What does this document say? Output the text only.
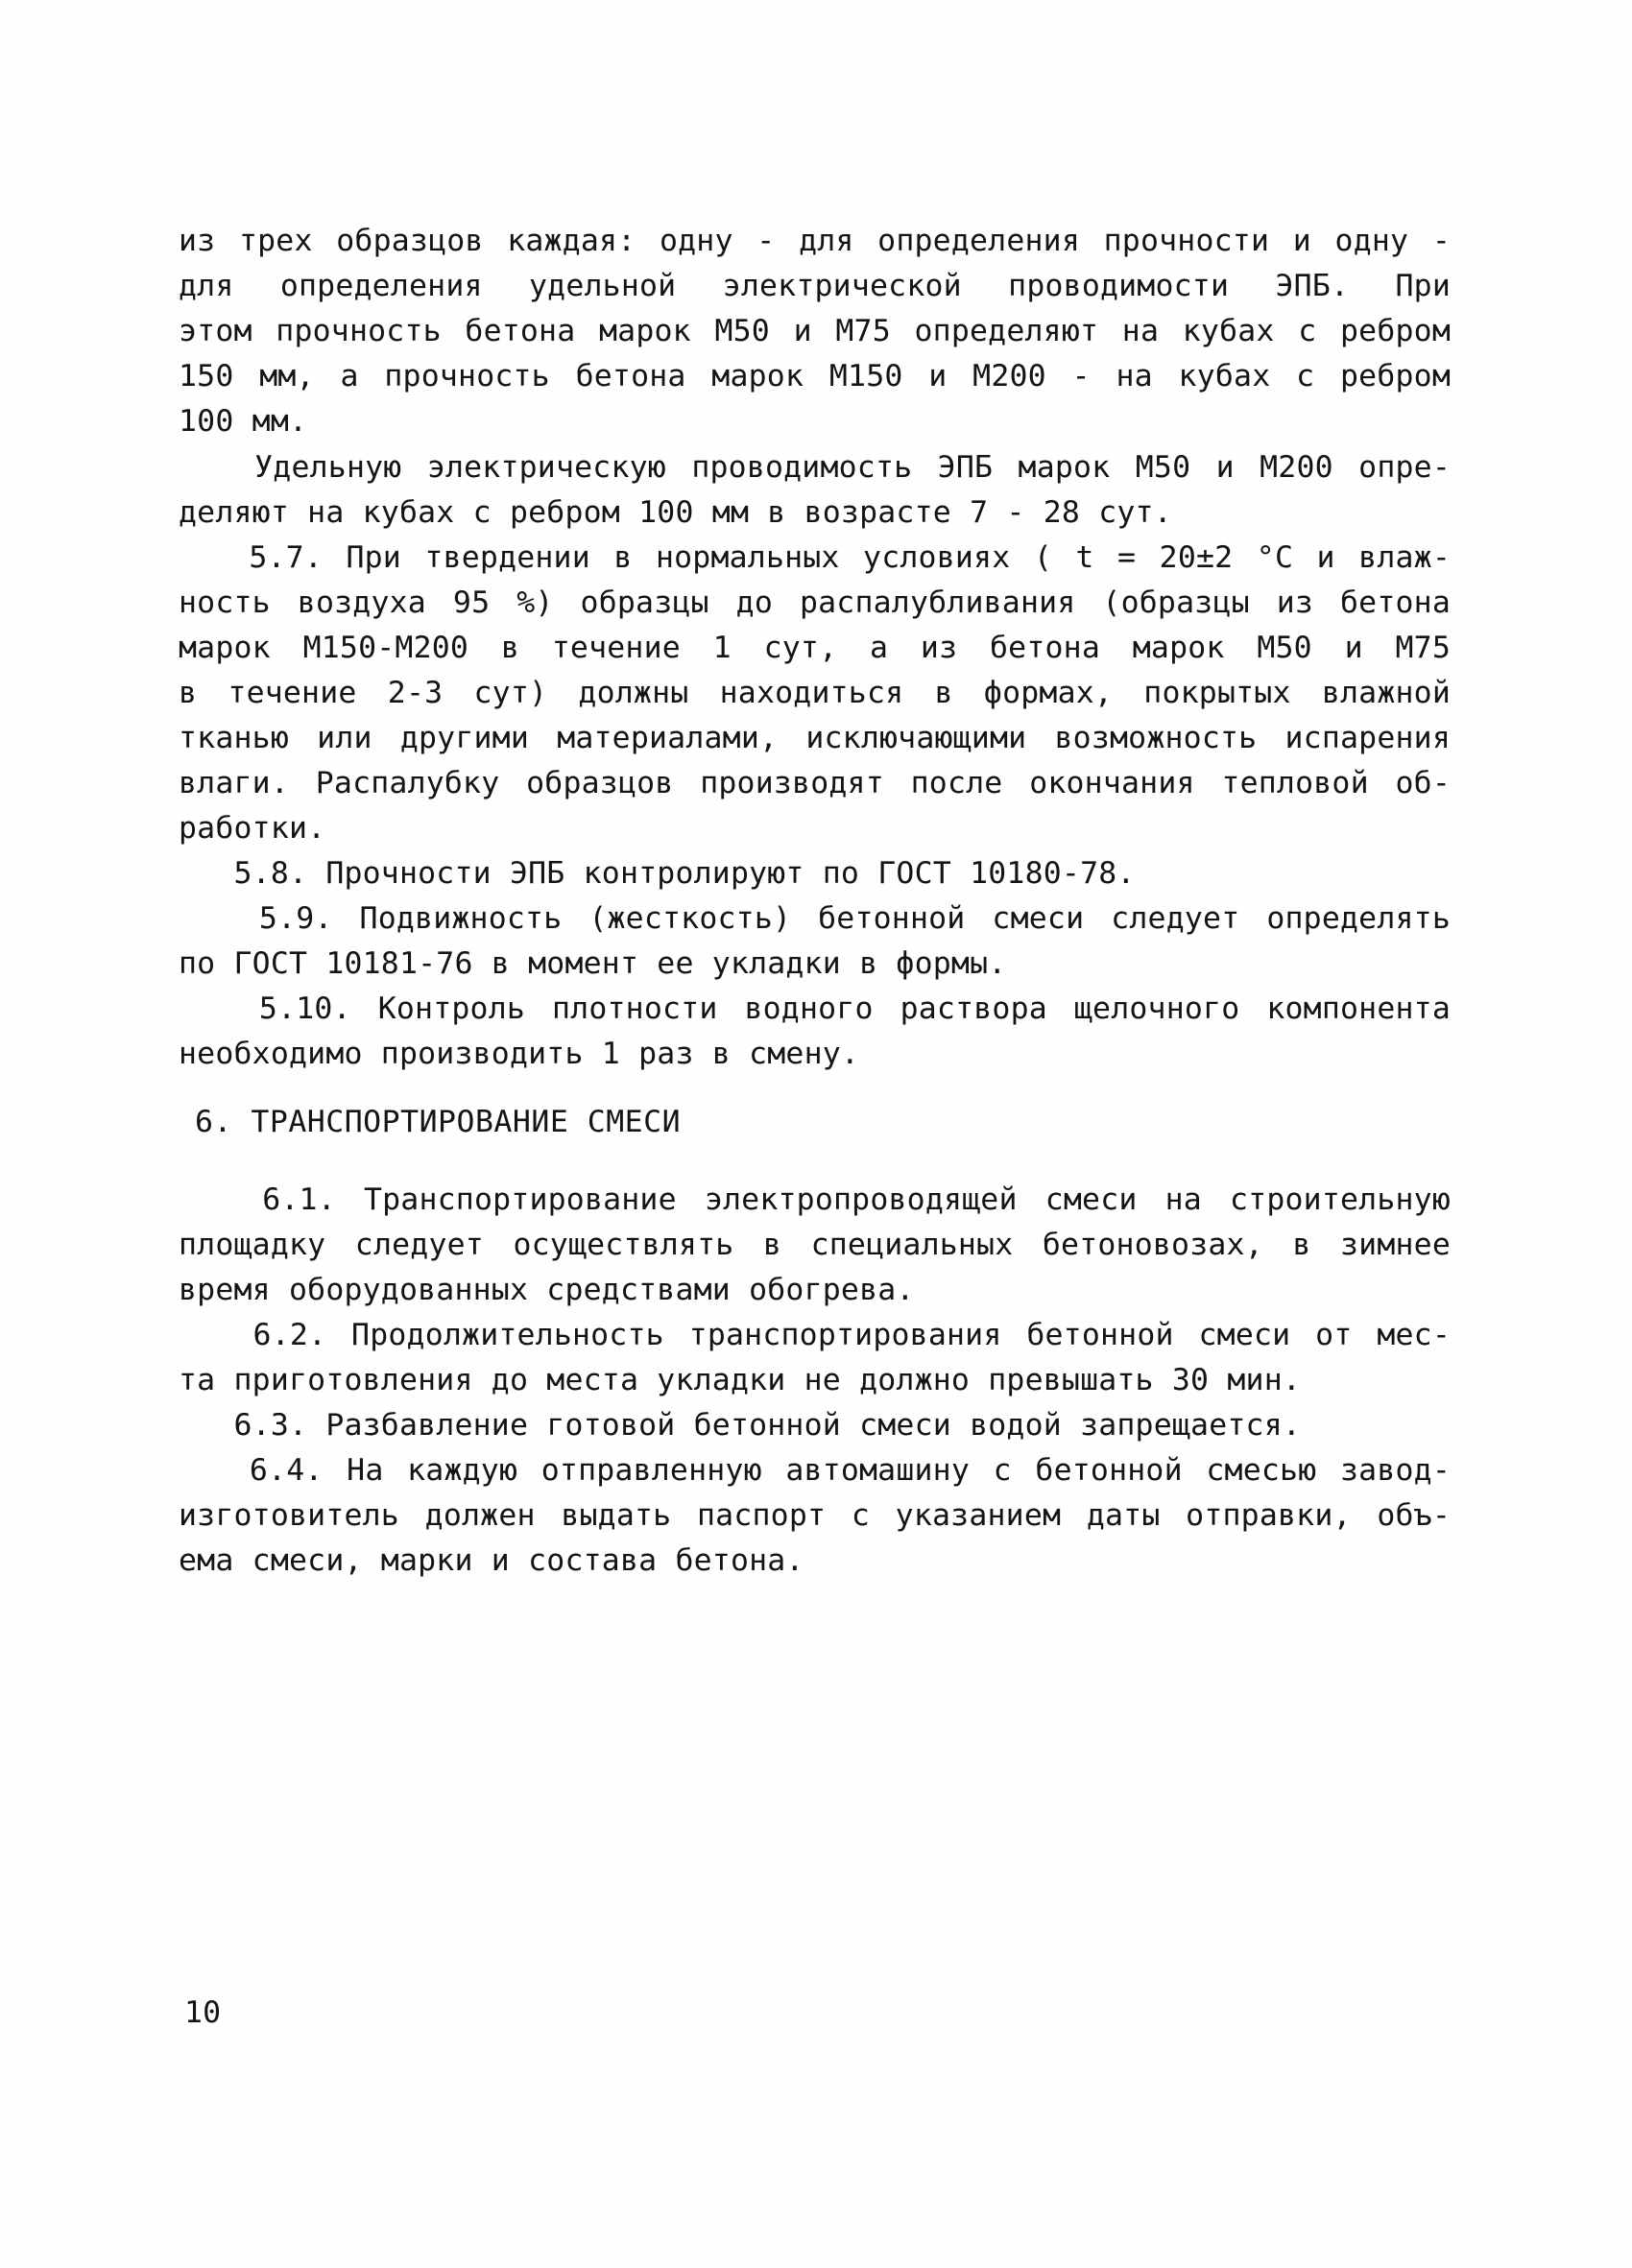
из трех образцов каждая: одну - для определения прочности и одну -
для определения удельной электрической проводимости ЭПБ. При
этом прочность бетона марок М50 и М75 определяют на кубах с ребром
150 мм, а прочность бетона марок М150 и М200 - на кубах с ребром
100 мм.
Удельную электрическую проводимость ЭПБ марок М50 и М200 опре-
деляют на кубах с ребром 100 мм в возрасте 7 - 28 сут.
5.7. При твердении в нормальных условиях ( t = 20±2 °С и влаж-
ность воздуха 95 %) образцы до распалубливания (образцы из бетона
марок М150-М200 в течение 1 сут, а из бетона марок М50 и М75
в течение 2-3 сут) должны находиться в формах, покрытых влажной
тканью или другими материалами, исключающими возможность испарения
влаги. Распалубку образцов производят после окончания тепловой об-
работки.
5.8. Прочности ЭПБ контролируют по ГОСТ 10180-78.
5.9. Подвижность (жесткость) бетонной смеси следует определять
по ГОСТ 10181-76 в момент ее укладки в формы.
5.10. Контроль плотности водного раствора щелочного компонента
необходимо производить 1 раз в смену.
6. ТРАНСПОРТИРОВАНИЕ СМЕСИ
6.1. Транспортирование электропроводящей смеси на строительную
площадку следует осуществлять в специальных бетоновозах, в зимнее
время оборудованных средствами обогрева.
6.2. Продолжительность транспортирования бетонной смеси от мес-
та приготовления до места укладки не должно превышать 30 мин.
6.3. Разбавление готовой бетонной смеси водой запрещается.
6.4. На каждую отправленную автомашину с бетонной смесью завод-
изготовитель должен выдать паспорт с указанием даты отправки, объ-
ема смеси, марки и состава бетона.
10
